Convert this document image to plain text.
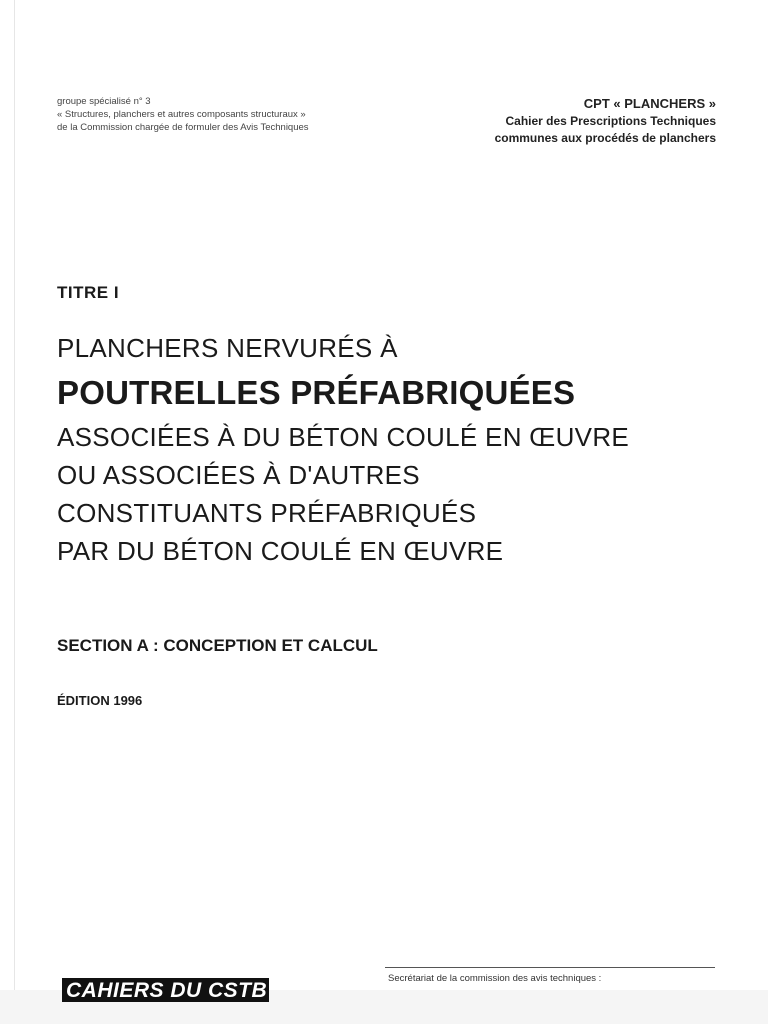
groupe spécialisé n° 3
« Structures, planchers et autres composants structuraux »
de la Commission chargée de formuler des Avis Techniques
CPT « PLANCHERS »
Cahier des Prescriptions Techniques
communes aux procédés de planchers
TITRE I
PLANCHERS NERVURÉS À
POUTRELLES PRÉFABRIQUÉES
ASSOCIÉES À DU BÉTON COULÉ EN ŒUVRE
OU ASSOCIÉES À D'AUTRES
CONSTITUANTS PRÉFABRIQUÉS
PAR DU BÉTON COULÉ EN ŒUVRE
SECTION A : CONCEPTION ET CALCUL
ÉDITION 1996
CAHIERS DU CSTB
Secrétariat de la commission des avis techniques :
